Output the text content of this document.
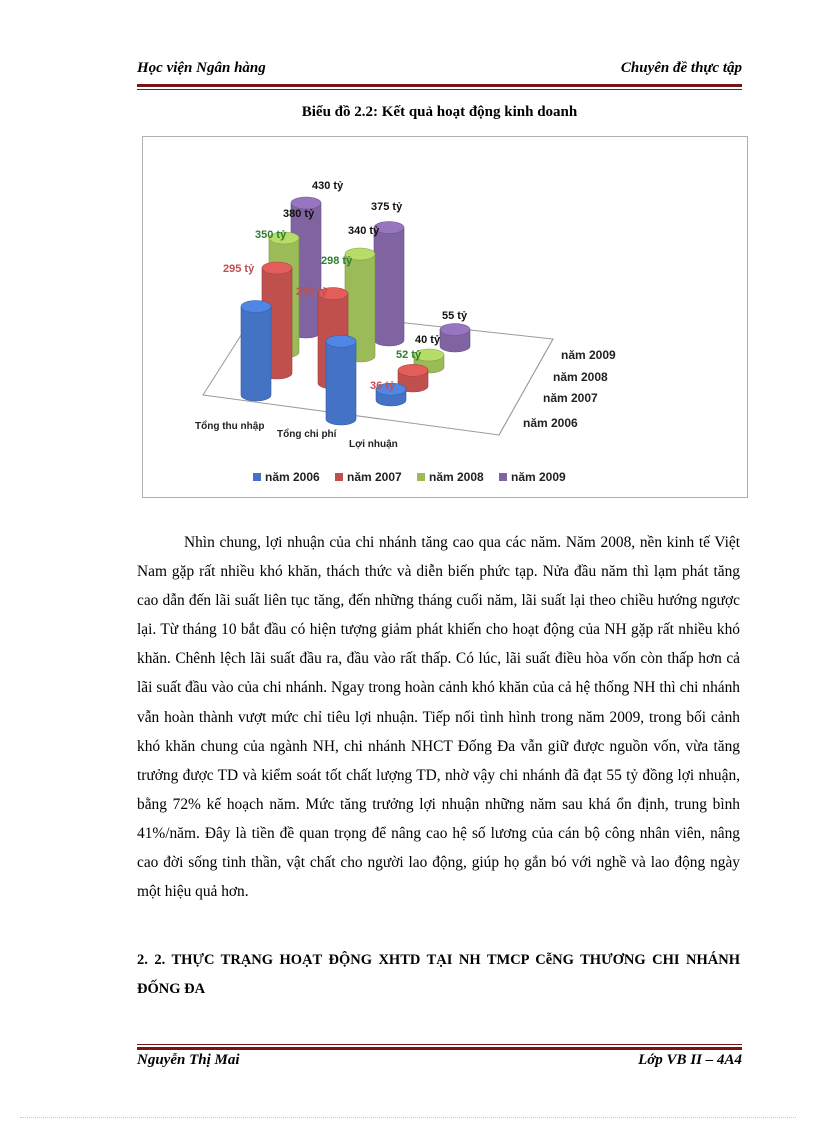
Học viện Ngân hàng	Chuyên đề thực tập
Biểu đồ 2.2: Kết quả hoạt động kinh doanh
Tổng thu nhập
Tổng chi phí
Lợi nhuận
năm 2009
năm 2008
năm 2007
năm 2006
295 tỷ
259 tỷ
36 tỷ
350 tỷ
298 tỷ
52 tỷ
380 tỷ
340 tỷ
40 tỷ
430 tỷ
375 tỷ
55 tỷ
năm 2006 năm 2007 năm 2008 năm 2009

Nhìn chung, lợi nhuận của chi nhánh tăng cao qua các năm. Năm 2008, nền kinh tế Việt Nam gặp rất nhiều khó khăn, thách thức và diễn biến phức tạp. Nửa đầu năm thì lạm phát tăng cao dẫn đến lãi suất liên tục tăng, đến những tháng cuối năm, lãi suất lại theo chiều hướng ngược lại. Từ tháng 10 bắt đầu có hiện tượng giảm phát khiến cho hoạt động của NH gặp rất nhiều khó khăn. Chênh lệch lãi suất đầu ra, đầu vào rất thấp. Có lúc, lãi suất điều hòa vốn còn thấp hơn cả lãi suất đầu vào của chi nhánh. Ngay trong hoàn cảnh khó khăn của cả hệ thống NH thì chi nhánh vẫn hoàn thành vượt mức chỉ tiêu lợi nhuận. Tiếp nối tình hình trong năm 2009, trong bối cảnh khó khăn chung của ngành NH, chi nhánh NHCT Đống Đa vẫn giữ được nguồn vốn, vừa tăng trưởng được TD và kiểm soát tốt chất lượng TD, nhờ vậy chi nhánh đã đạt 55 tỷ đồng lợi nhuận, bằng 72% kế hoạch năm. Mức tăng trưởng lợi nhuận những năm sau khá ổn định, trung bình 41%/năm. Đây là tiền đề quan trọng để nâng cao hệ số lương của cán bộ công nhân viên, nâng cao đời sống tinh thần, vật chất cho người lao động, giúp họ gắn bó với nghề và lao động ngày một hiệu quả hơn.

2. 2. THỰC TRẠNG HOẠT ĐỘNG XHTD TẠI NH TMCP CễNG THƯƠNG CHI NHÁNH ĐỐNG ĐA
Nguyễn Thị Mai	Lớp VB II – 4A4
